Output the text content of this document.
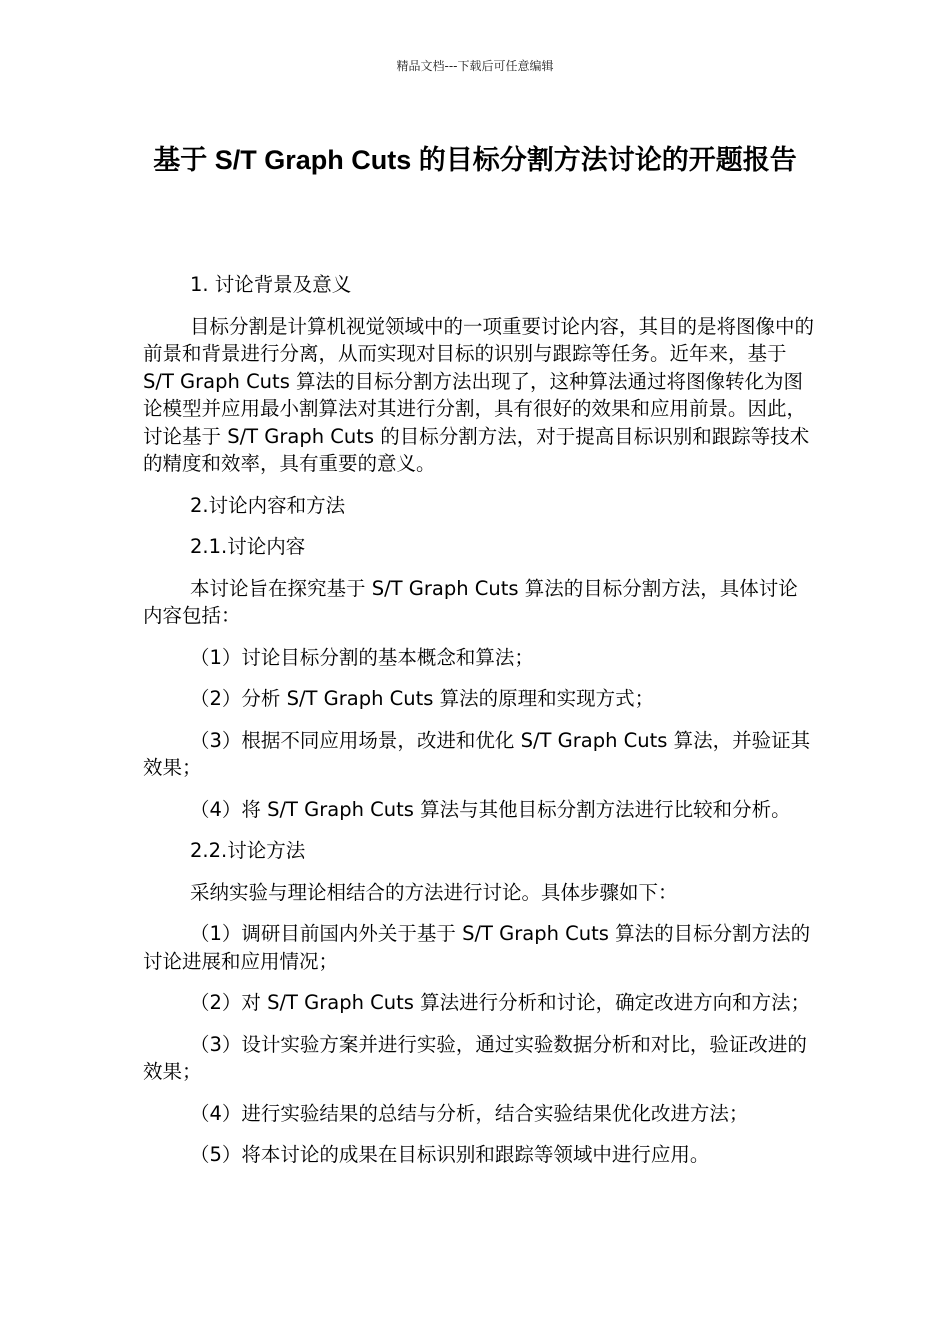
精品文档---下载后可任意编辑
基于 S/T Graph Cuts 的目标分割方法讨论的开题报告

1. 讨论背景及意义

目标分割是计算机视觉领域中的一项重要讨论内容，其目的是将图像中的前景和背景进行分离，从而实现对目标的识别与跟踪等任务。近年来，基于 S/T Graph Cuts 算法的目标分割方法出现了，这种算法通过将图像转化为图论模型并应用最小割算法对其进行分割，具有很好的效果和应用前景。因此，讨论基于 S/T Graph Cuts 的目标分割方法，对于提高目标识别和跟踪等技术的精度和效率，具有重要的意义。

2.讨论内容和方法

2.1.讨论内容

本讨论旨在探究基于 S/T Graph Cuts 算法的目标分割方法，具体讨论内容包括：

（1）讨论目标分割的基本概念和算法；

（2）分析 S/T Graph Cuts 算法的原理和实现方式；

（3）根据不同应用场景，改进和优化 S/T Graph Cuts 算法，并验证其效果；

（4）将 S/T Graph Cuts 算法与其他目标分割方法进行比较和分析。

2.2.讨论方法

采纳实验与理论相结合的方法进行讨论。具体步骤如下：

（1）调研目前国内外关于基于 S/T Graph Cuts 算法的目标分割方法的讨论进展和应用情况；

（2）对 S/T Graph Cuts 算法进行分析和讨论，确定改进方向和方法；

（3）设计实验方案并进行实验，通过实验数据分析和对比，验证改进的效果；

（4）进行实验结果的总结与分析，结合实验结果优化改进方法；

（5）将本讨论的成果在目标识别和跟踪等领域中进行应用。
